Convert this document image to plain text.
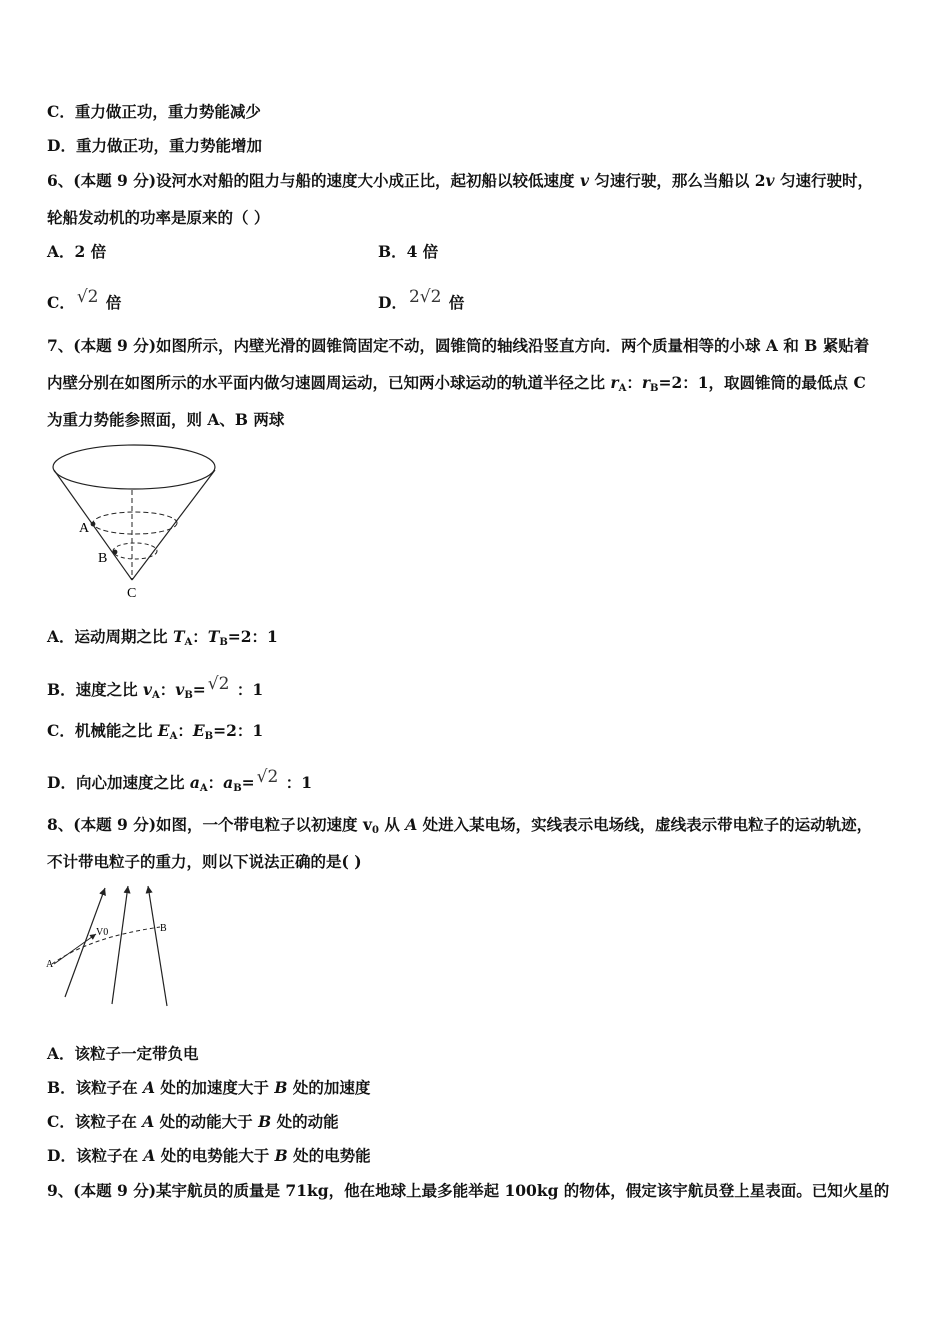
C．重力做正功，重力势能减少
D．重力做正功，重力势能增加
6、(本题 9 分)设河水对船的阻力与船的速度大小成正比，起初船以较低速度 v 匀速行驶，那么当船以 2v 匀速行驶时，
轮船发动机的功率是原来的（ ）
A．2 倍	B．4 倍
C． √2 倍	D． 2√2 倍
7、(本题 9 分)如图所示，内壁光滑的圆锥筒固定不动，圆锥筒的轴线沿竖直方向．两个质量相等的小球 A 和 B 紧贴着
内壁分别在如图所示的水平面内做匀速圆周运动，已知两小球运动的轨道半径之比 $r_A$：$r_B=2$：1，取圆锥筒的最低点 C
为重力势能参照面，则 A、B 两球
A
B
C
A．运动周期之比 $T_A$：$T_B=2$：1
B．速度之比 $v_A$：$v_B= √2$ ：1
C．机械能之比 $E_A$：$E_B=2$：1
D．向心加速度之比 $a_A$：$a_B= √2$ ：1
8、(本题 9 分)如图，一个带电粒子以初速度 $v_0$ 从 A 处进入某电场，实线表示电场线，虚线表示带电粒子的运动轨迹，
不计带电粒子的重力，则以下说法正确的是( )
A
B
V0
A．该粒子一定带负电
B．该粒子在 A 处的加速度大于 B 处的加速度
C．该粒子在 A 处的动能大于 B 处的动能
D．该粒子在 A 处的电势能大于 B 处的电势能
9、(本题 9 分)某宇航员的质量是 71kg，他在地球上最多能举起 100kg 的物体，假定该宇航员登上星表面。已知火星的
